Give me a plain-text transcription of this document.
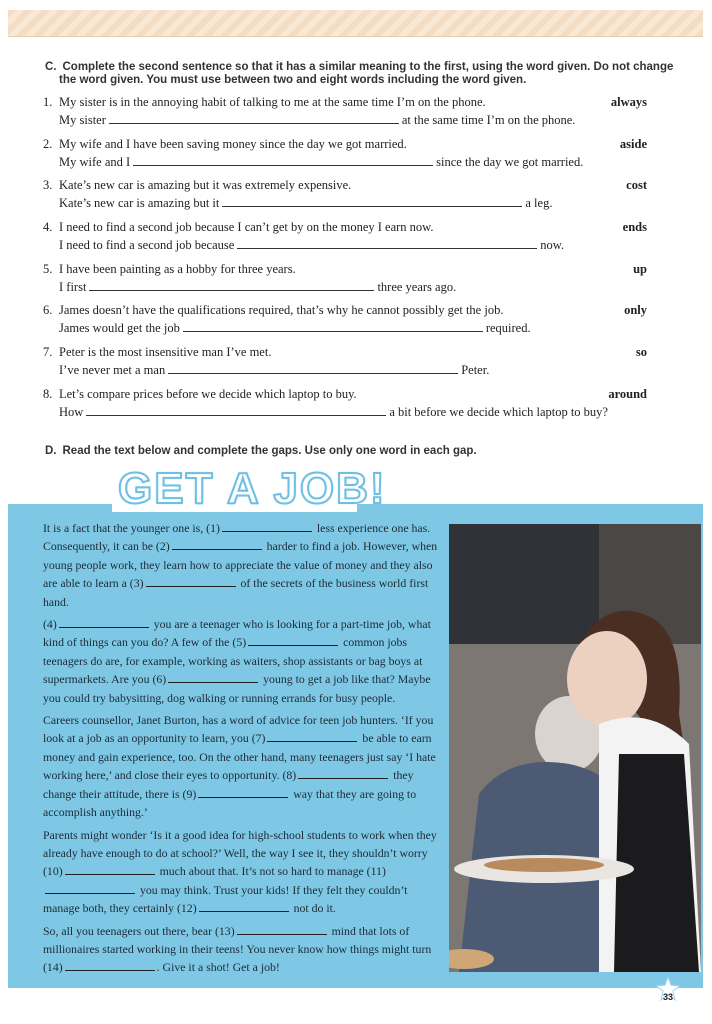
C. Complete the second sentence so that it has a similar meaning to the first, using the word given. Do not change
the word given. You must use between two and eight words including the word given.
1. My sister is in the annoying habit of talking to me at the same time I’m on the phone.	always
My sister	at the same time I’m on the phone.
2. My wife and I have been saving money since the day we got married.	aside
My wife and I	since the day we got married.
3. Kate’s new car is amazing but it was extremely expensive.	cost
Kate’s new car is amazing but it	a leg.
4. I need to find a second job because I can’t get by on the money I earn now.	ends
I need to find a second job because	now.
5. I have been painting as a hobby for three years.	up
I first	three years ago.
6. James doesn’t have the qualifications required, that’s why he cannot possibly get the job.	only
James would get the job	required.
7. Peter is the most insensitive man I’ve met.	so
I’ve never met a man	Peter.
8. Let’s compare prices before we decide which laptop to buy.	around
How	a bit before we decide which laptop to buy?
D. Read the text below and complete the gaps. Use only one word in each gap.
GET A JOB!

It is a fact that the younger one is, (1)	less experience one has. Consequently, it can be (2)	harder to find a job. However, when young people work, they learn how to appreciate the value of money and they also are able to learn a (3)	of the secrets of the business world first hand.

(4)	you are a teenager who is looking for a part-time job, what kind of things can you do? A few of the (5)	common jobs teenagers do are, for example, working as waiters, shop assistants or bag boys at supermarkets. Are you (6)	young to get a job like that? Maybe you could try babysitting, dog walking or running errands for busy people.

Careers counsellor, Janet Burton, has a word of advice for teen job hunters. ‘If you look at a job as an opportunity to learn, you (7)	be able to earn money and gain experience, too. On the other hand, many teenagers just say ‘I hate working here,’ and close their eyes to opportunity. (8)	they change their attitude, there is (9)	way that they are going to accomplish anything.’

Parents might wonder ‘Is it a good idea for high-school students to work when they already have enough to do at school?’ Well, the way I see it, they shouldn’t worry (10)	much about that. It’s not so hard to manage (11) you may think. Trust your kids! If they felt they couldn’t manage both, they certainly (12)	not do it.

So, all you teenagers out there, bear (13)	mind that lots of millionaires started working in their teens! You never know how things might turn (14)	. Give it a shot! Get a job!

33
